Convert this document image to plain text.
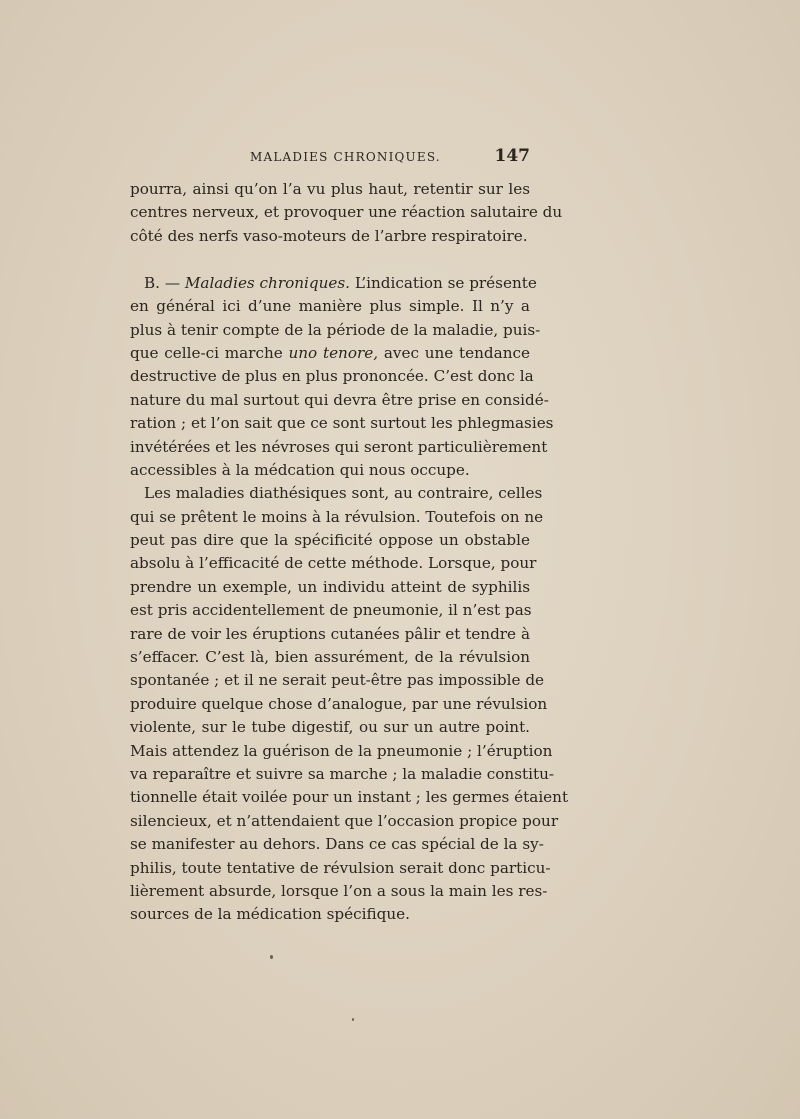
MALADIES CHRONIQUES.	147
pourra, ainsi qu’on l’a vu plus haut, retentir sur les
centres nerveux, et provoquer une réaction salutaire du
côté des nerfs vaso-moteurs de l’arbre respiratoire.
B. — Maladies chroniques. L’indication se présente
en général ici d’une manière plus simple. Il n’y a
plus à tenir compte de la période de la maladie, puis-
que celle-ci marche uno tenore, avec une tendance
destructive de plus en plus prononcée. C’est donc la
nature du mal surtout qui devra être prise en considé-
ration ; et l’on sait que ce sont surtout les phlegmasies
invétérées et les névroses qui seront particulièrement
accessibles à la médcation qui nous occupe.
Les maladies diathésiques sont, au contraire, celles
qui se prêtent le moins à la révulsion. Toutefois on ne
peut pas dire que la spécificité oppose un obstable
absolu à l’efficacité de cette méthode. Lorsque, pour
prendre un exemple, un individu atteint de syphilis
est pris accidentellement de pneumonie, il n’est pas
rare de voir les éruptions cutanées pâlir et tendre à
s’effacer. C’est là, bien assurément, de la révulsion
spontanée ; et il ne serait peut-être pas impossible de
produire quelque chose d’analogue, par une révulsion
violente, sur le tube digestif, ou sur un autre point.
Mais attendez la guérison de la pneumonie ; l’éruption
va reparaître et suivre sa marche ; la maladie constitu-
tionnelle était voilée pour un instant ; les germes étaient
silencieux, et n’attendaient que l’occasion propice pour
se manifester au dehors. Dans ce cas spécial de la sy-
philis, toute tentative de révulsion serait donc particu-
lièrement absurde, lorsque l’on a sous la main les res-
sources de la médication spécifique.
